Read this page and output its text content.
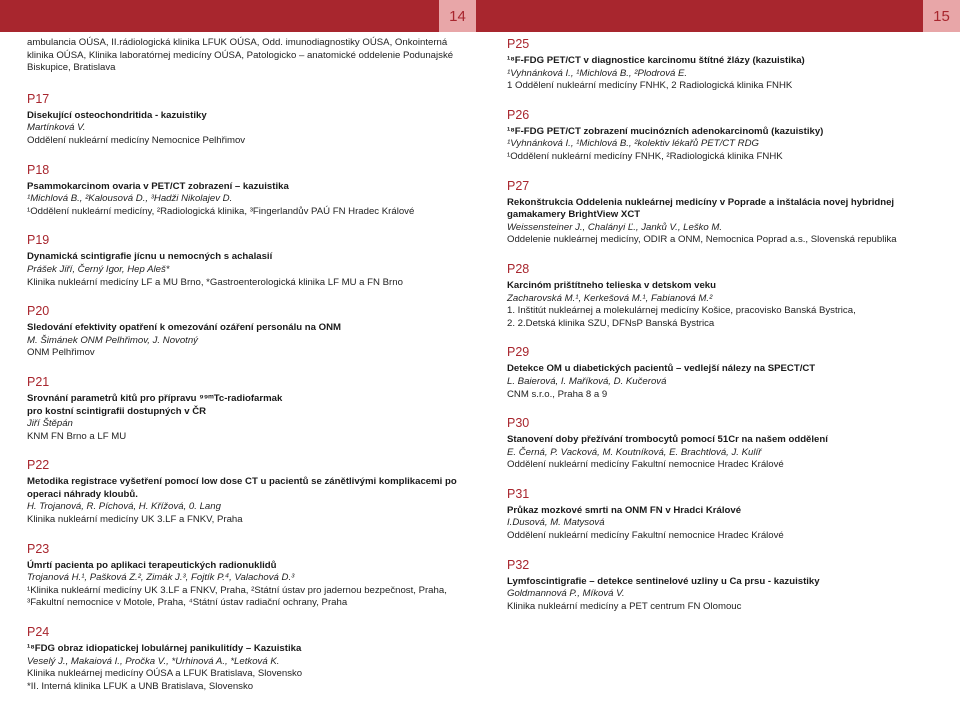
14	15
ambulancia OÚSA, II.rádiologická klinika LFUK OÚSA, Odd. imunodiagnostiky OÚSA, Onkointerná klinika OÚSA, Klinika laboratórnej medicíny OÚSA, Patologicko – anatomické oddelenie Podunajské Biskupice, Bratislava
P17
Disekující osteochondritida - kazuistiky
Martínková V.
Oddělení nukleární medicíny Nemocnice Pelhřimov
P18
Psammokarcinom ovaria v PET/CT zobrazení – kazuistika
¹Michlová B., ²Kalousová D., ³Hadži Nikolajev D.
¹Oddělení nukleární medicíny, ²Radiologická klinika, ³Fingerlandův PAÚ FN Hradec Králové
P19
Dynamická scintigrafie jícnu u nemocných s achalasií
Prášek Jiří, Černý Igor, Hep Aleš*
Klinika nukleární medicíny LF a MU Brno, *Gastroenterologická klinika LF MU a FN Brno
P20
Sledování efektivity opatření k omezování ozáření personálu na ONM
M. Šimánek ONM Pelhřimov, J. Novotný
ONM Pelhřimov
P21
Srovnání parametrů kitů pro přípravu ⁹⁹ᵐTc-radiofarmak
pro kostní scintigrafii dostupných v ČR
Jiří Štěpán
KNM FN Brno a LF MU
P22
Metodika registrace vyšetření pomocí low dose CT u pacientů se zánětlivými komplikacemi po operaci náhrady kloubů.
H. Trojanová, R. Píchová, H. Křížová, 0. Lang
Klinika nukleární medicíny UK 3.LF a FNKV, Praha
P23
Úmrtí pacienta po aplikaci terapeutických radionuklidů
Trojanová H.¹, Pašková Z.², Zimák J.³, Fojtík P.⁴, Valachová D.³
¹Klinika nukleární medicíny UK 3.LF a FNKV, Praha, ²Státní ústav pro jadernou bezpečnost, Praha, ³Fakultní nemocnice v Motole, Praha, ⁴Státní ústav radiační ochrany, Praha
P24
¹⁸FDG obraz idiopatickej lobulárnej panikulitídy – Kazuistika
Veselý J., Makaiová I., Pročka V., *Urhinová A., *Letková K.
Klinika nukleárnej medicíny OÚSA a LFUK Bratislava, Slovensko
*II. Interná klinika LFUK a UNB Bratislava, Slovensko
P25
¹⁸F-FDG PET/CT v diagnostice karcinomu štítné žlázy (kazuistika)
¹Vyhnánková I., ¹Michlová B., ²Plodrová E.
1 Oddělení nukleární medicíny FNHK, 2 Radiologická klinika FNHK
P26
¹⁸F-FDG PET/CT zobrazení mucinózních adenokarcinomů (kazuistiky)
¹Vyhnánková I., ¹Michlová B., ²kolektiv lékařů PET/CT RDG
¹Oddělení nukleární medicíny FNHK, ²Radiologická klinika FNHK
P27
Rekonštrukcia Oddelenia nukleárnej medicíny v Poprade a inštalácia novej hybridnej gamakamery BrightView XCT
Weissensteiner J., Chalányi Ľ., Janků V., Leško M.
Oddelenie nukleárnej medicíny, ODIR a ONM, Nemocnica Poprad a.s., Slovenská republika
P28
Karcinóm prištítneho telieska v detskom veku
Zacharovská M.¹, Kerkešová M.¹, Fabianová M.²
1. Inštitút nukleárnej a molekulárnej medicíny Košice, pracovisko Banská Bystrica,
2. 2.Detská klinika SZU, DFNsP Banská Bystrica
P29
Detekce OM u diabetických pacientů – vedlejší nálezy na SPECT/CT
L. Baierová, I. Maříková, D. Kučerová
CNM s.r.o., Praha 8 a 9
P30
Stanovení doby přežívání trombocytů pomocí 51Cr na našem oddělení
E. Černá, P. Vacková, M. Koutníková, E. Brachtlová, J. Kulíř
Oddělení nukleární medicíny Fakultní nemocnice Hradec Králové
P31
Průkaz mozkové smrti na ONM FN v Hradci Králové
I.Dusová, M. Matysová
Oddělení nukleární medicíny Fakultní nemocnice Hradec Králové
P32
Lymfoscintigrafie – detekce sentinelové uzliny u Ca prsu - kazuistiky
Goldmannová P., Míková V.
Klinika nukleární medicíny a PET centrum FN Olomouc
